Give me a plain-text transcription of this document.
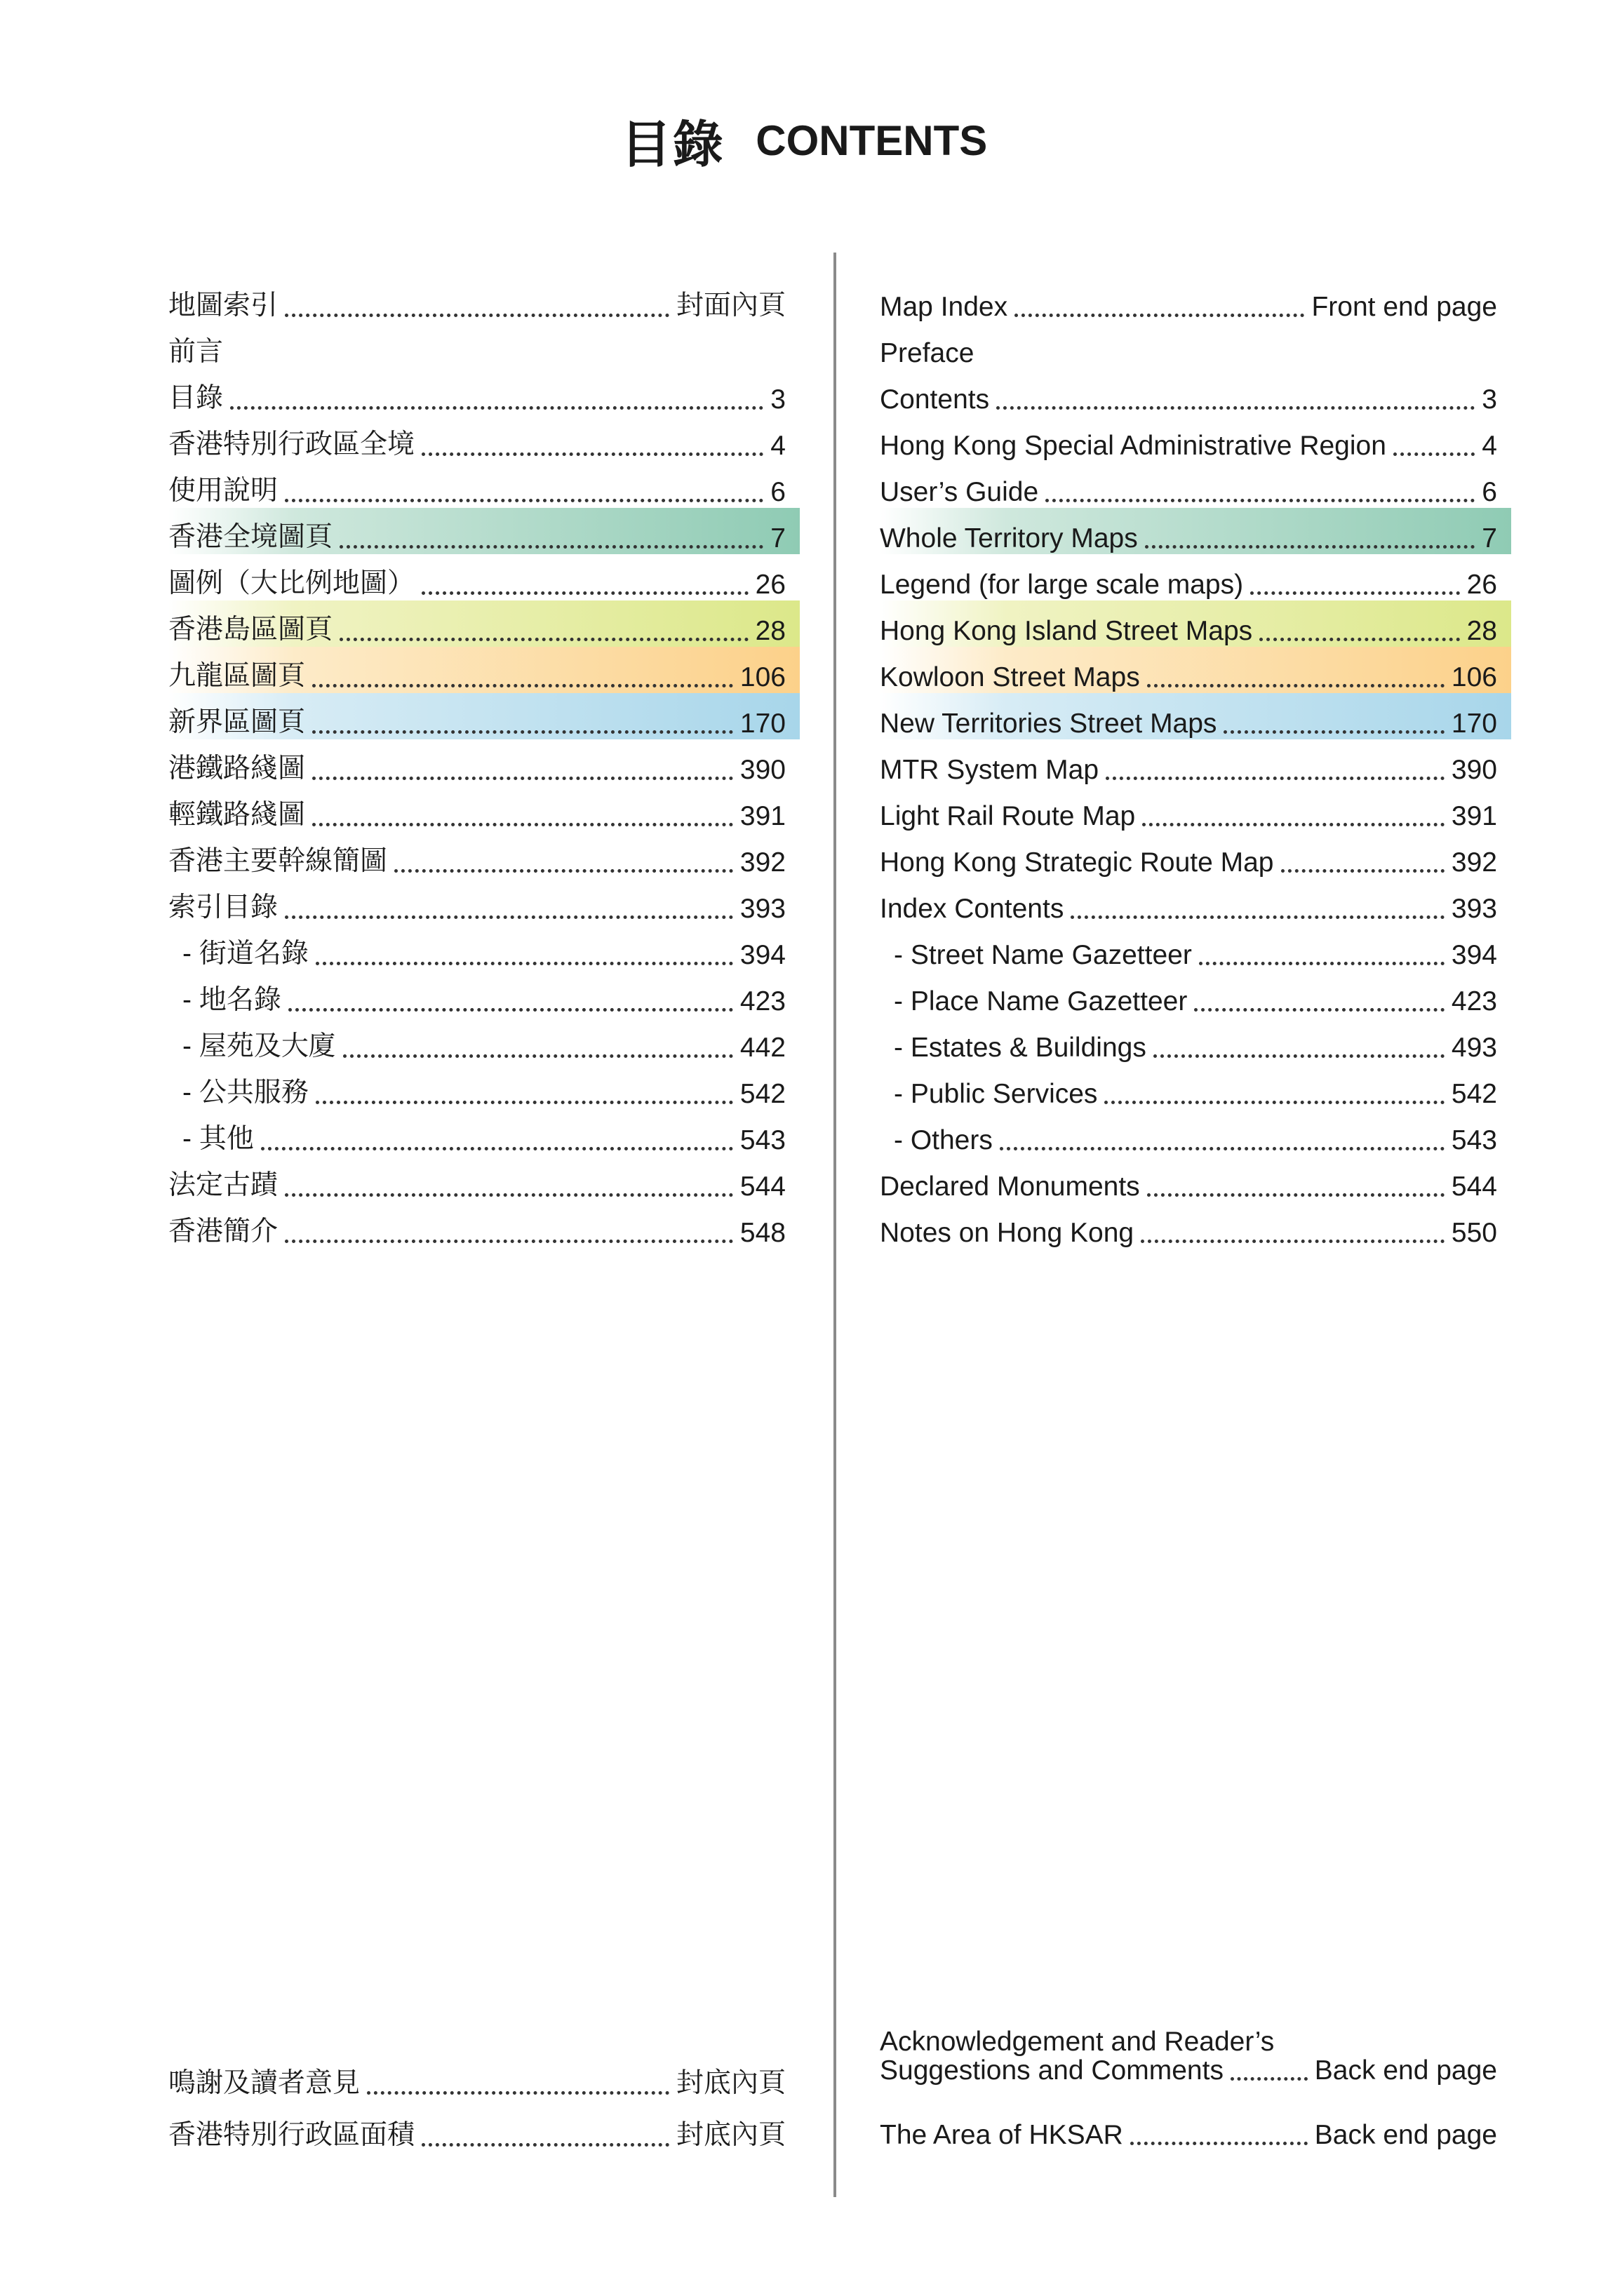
目錄 CONTENTS
地圖索引	封面內頁
前言
目錄	3
香港特別行政區全境	4
使用說明	6
香港全境圖頁	7
圖例（大比例地圖）	26
香港島區圖頁	28
九龍區圖頁	106
新界區圖頁	170
港鐵路綫圖	390
輕鐵路綫圖	391
香港主要幹線簡圖	392
索引目錄	393
- 街道名錄	394
- 地名錄	423
- 屋苑及大廈	442
- 公共服務	542
- 其他	543
法定古蹟	544
香港簡介	548
Map Index	Front end page
Preface
Contents	3
Hong Kong Special Administrative Region	4
User’s Guide	6
Whole Territory Maps	7
Legend (for large scale maps)	26
Hong Kong Island Street Maps	28
Kowloon Street Maps	106
New Territories Street Maps	170
MTR System Map	390
Light Rail Route Map	391
Hong Kong Strategic Route Map	392
Index Contents	393
- Street Name Gazetteer	394
- Place Name Gazetteer	423
- Estates & Buildings	493
- Public Services	542
- Others	543
Declared Monuments	544
Notes on Hong Kong	550
鳴謝及讀者意見	封底內頁
香港特別行政區面積	封底內頁
Acknowledgement and Reader’s
Suggestions and Comments	Back end page
The Area of HKSAR	Back end page
